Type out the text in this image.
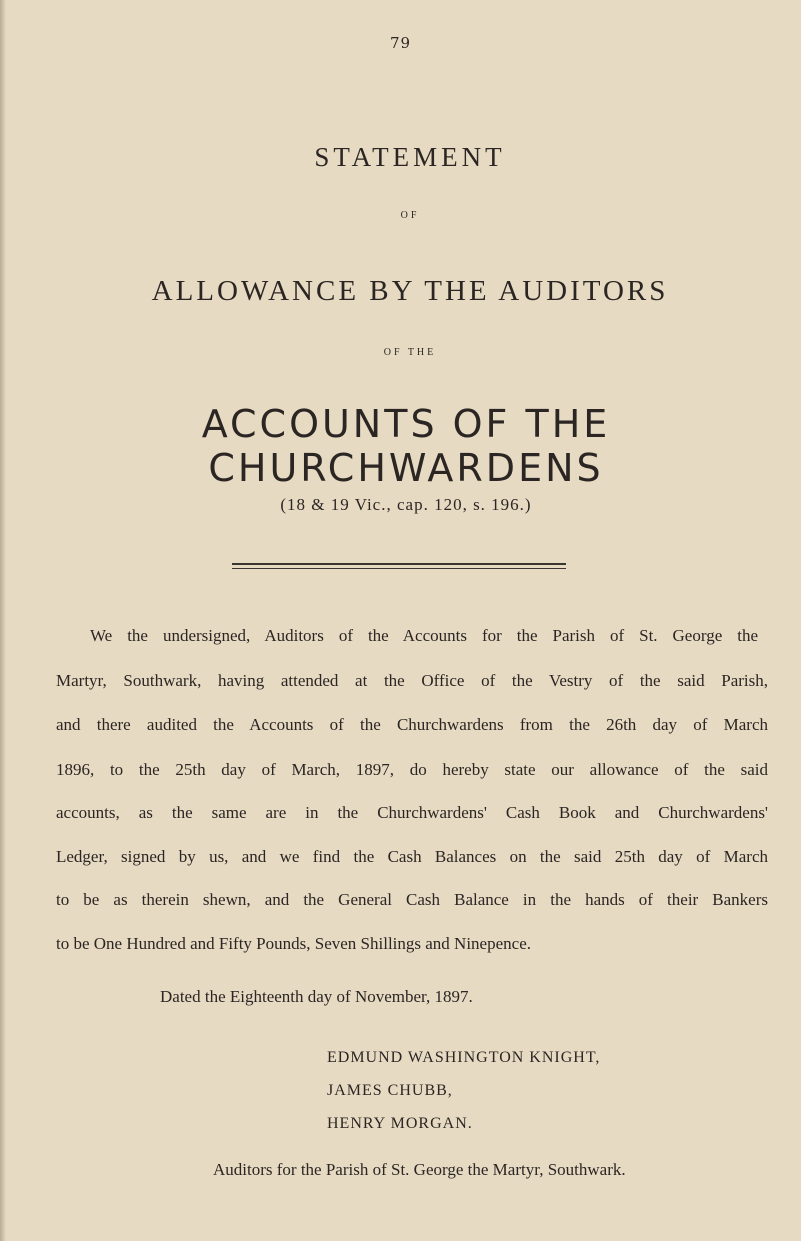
79
STATEMENT
OF
ALLOWANCE BY THE AUDITORS
OF THE
ACCOUNTS OF THE CHURCHWARDENS
(18 & 19 Vic., cap. 120, s. 196.)
We the undersigned, Auditors of the Accounts for the Parish of St. George the
Martyr, Southwark, having attended at the Office of the Vestry of the said Parish,
and there audited the Accounts of the Churchwardens from the 26th day of March
1896, to the 25th day of March, 1897, do hereby state our allowance of the said
accounts, as the same are in the Churchwardens' Cash Book and Churchwardens'
Ledger, signed by us, and we find the Cash Balances on the said 25th day of March
to be as therein shewn, and the General Cash Balance in the hands of their Bankers
to be One Hundred and Fifty Pounds, Seven Shillings and Ninepence.
Dated the Eighteenth day of November, 1897.
EDMUND WASHINGTON KNIGHT,
JAMES CHUBB,
HENRY MORGAN.
Auditors for the Parish of St. George the Martyr, Southwark.
